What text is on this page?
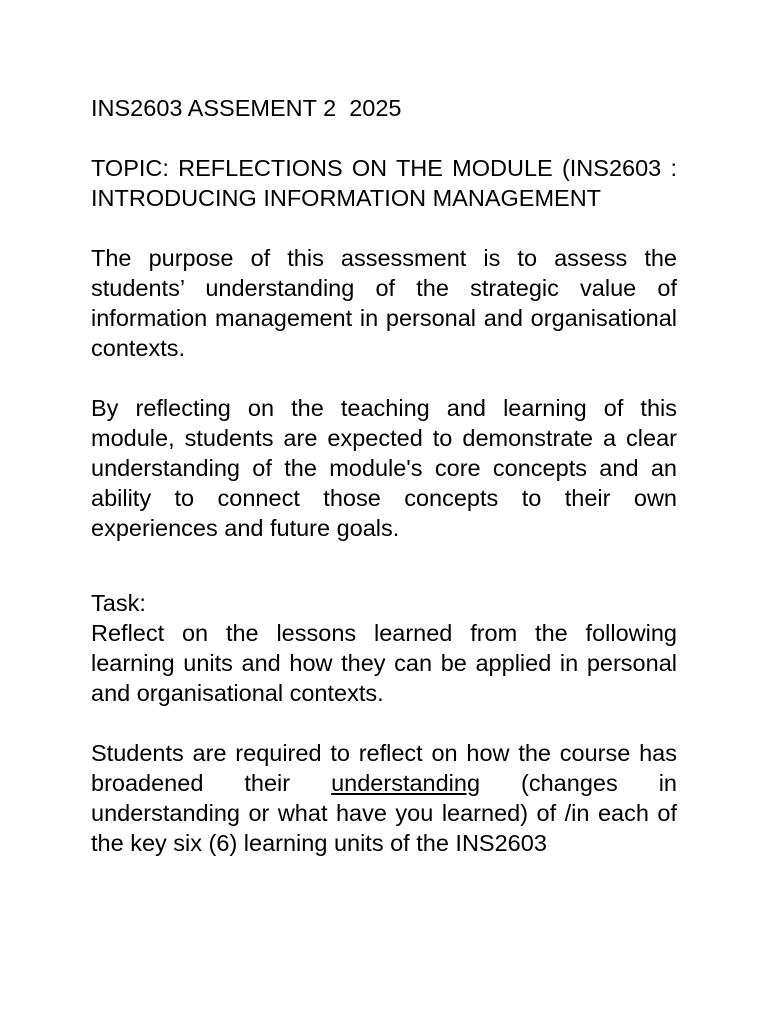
INS2603 ASSEMENT 2  2025

TOPIC: REFLECTIONS ON THE MODULE (INS2603 : INTRODUCING INFORMATION MANAGEMENT

The purpose of this assessment is to assess the students’ understanding of the strategic value of information management in personal and organisational contexts.

By reflecting on the teaching and learning of this module, students are expected to demonstrate a clear understanding of the module's core concepts and an ability to connect those concepts to their own experiences and future goals.

Task:

Reflect on the lessons learned from the following learning units and how they can be applied in personal and organisational contexts.

Students are required to reflect on how the course has broadened their understanding (changes in understanding or what have you learned) of /in each of the key six (6) learning units of the INS2603
